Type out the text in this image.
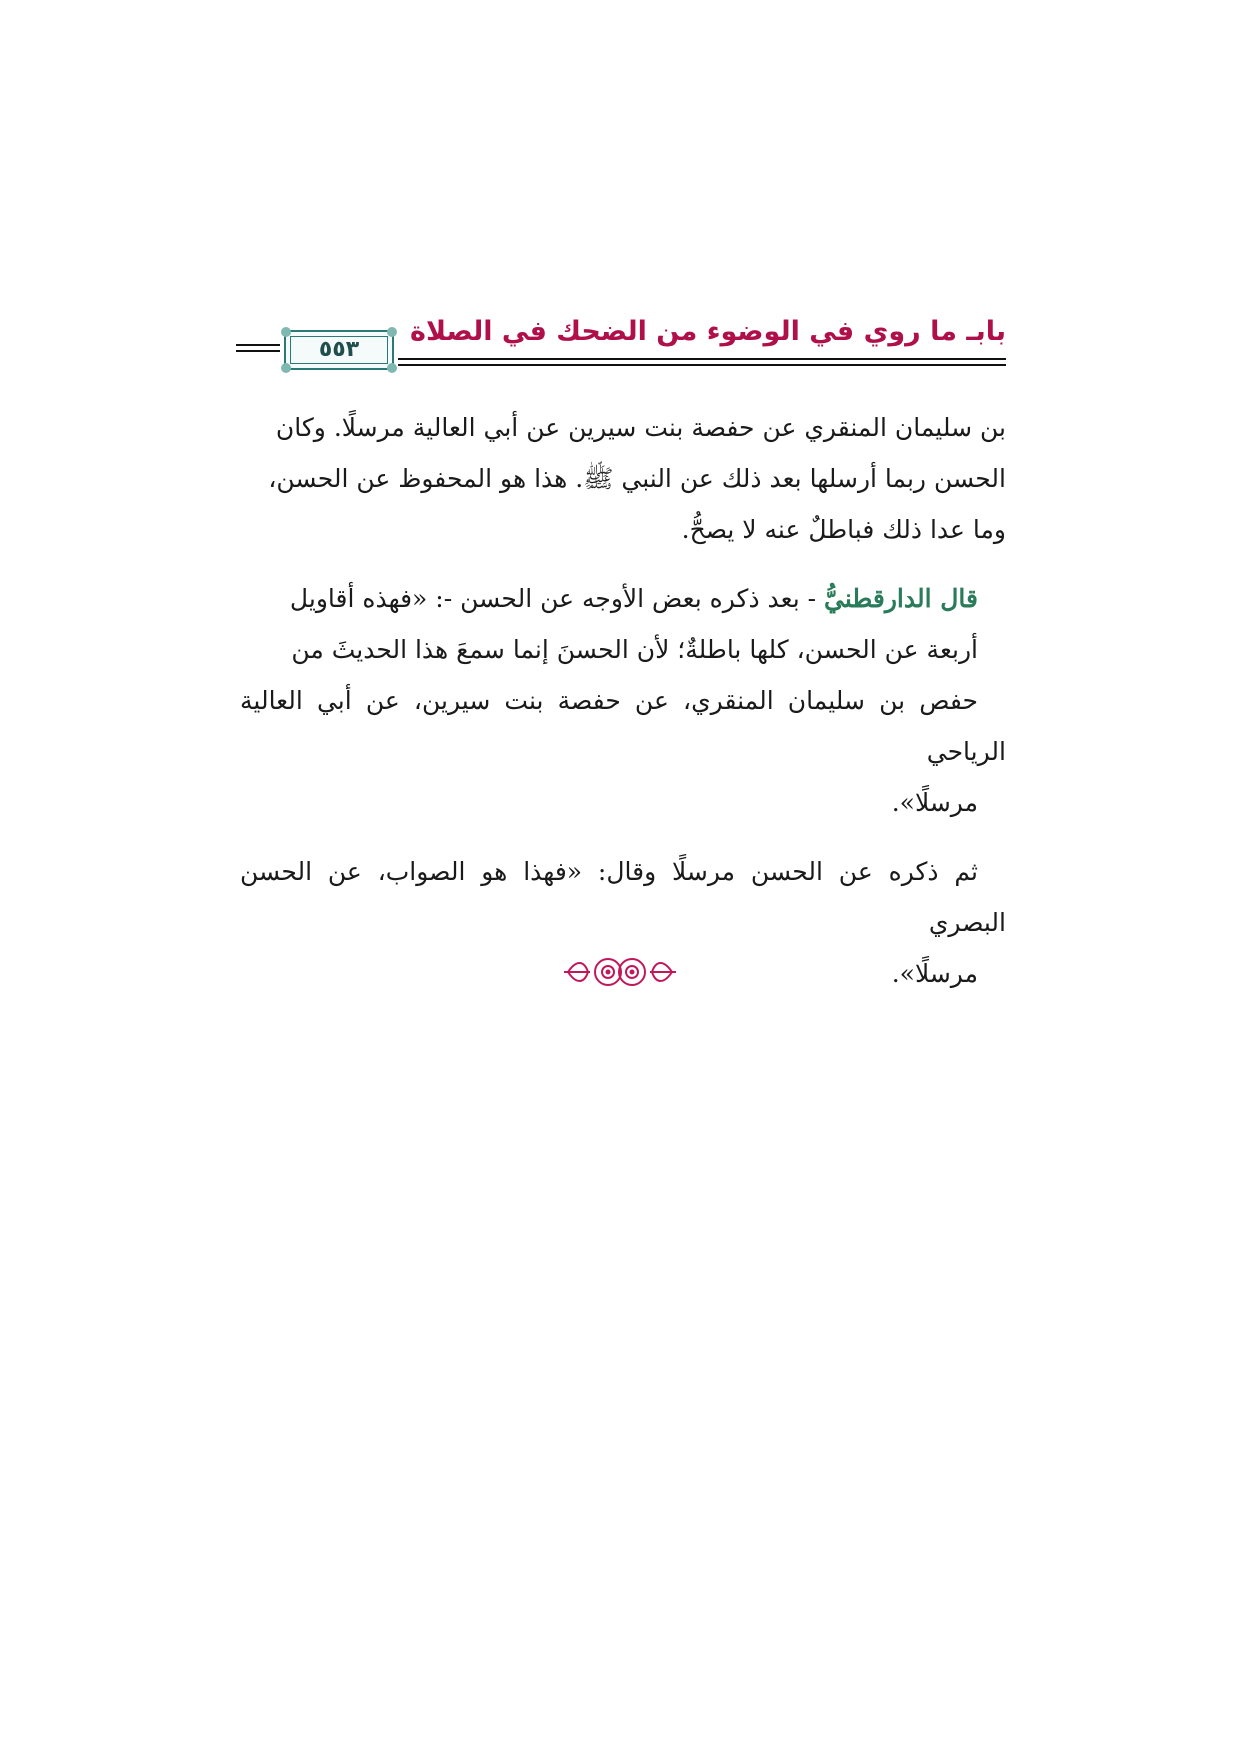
بابـ ما روي في الوضوء من الضحك في الصلاة
٥٥٣

بن سليمان المنقري عن حفصة بنت سيرين عن أبي العالية مرسلًا. وكان
الحسن ربما أرسلها بعد ذلك عن النبي ﷺ. هذا هو المحفوظ عن الحسن،
وما عدا ذلك فباطلٌ عنه لا يصحُّ.

قال الدارقطنيُّ - بعد ذكره بعض الأوجه عن الحسن -: «فهذه أقاويل
أربعة عن الحسن، كلها باطلةٌ؛ لأن الحسنَ إنما سمعَ هذا الحديثَ من
حفص بن سليمان المنقري، عن حفصة بنت سيرين، عن أبي العالية الرياحي
مرسلًا».

ثم ذكره عن الحسن مرسلًا وقال: «فهذا هو الصواب، عن الحسن البصري
مرسلًا».
